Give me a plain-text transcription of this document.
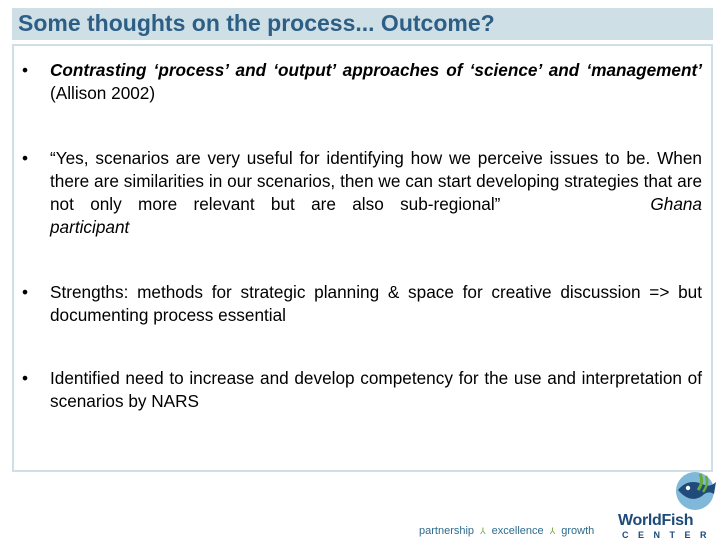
Some thoughts on the process... Outcome?
•	Contrasting ‘process’ and ‘output’ approaches of ‘science’ and ‘management’ (Allison 2002)
•	“Yes, scenarios are very useful for identifying how we perceive issues to be. When there are similarities in our scenarios, then we can start developing strategies that are not only more relevant but are also sub-regional”	Ghana participant
•	Strengths: methods for strategic planning & space for creative discussion => but documenting process essential
•	Identified need to increase and develop competency for the use and interpretation of scenarios by NARS
partnership ⅄ excellence ⅄ growth
WorldFish
CENTER
